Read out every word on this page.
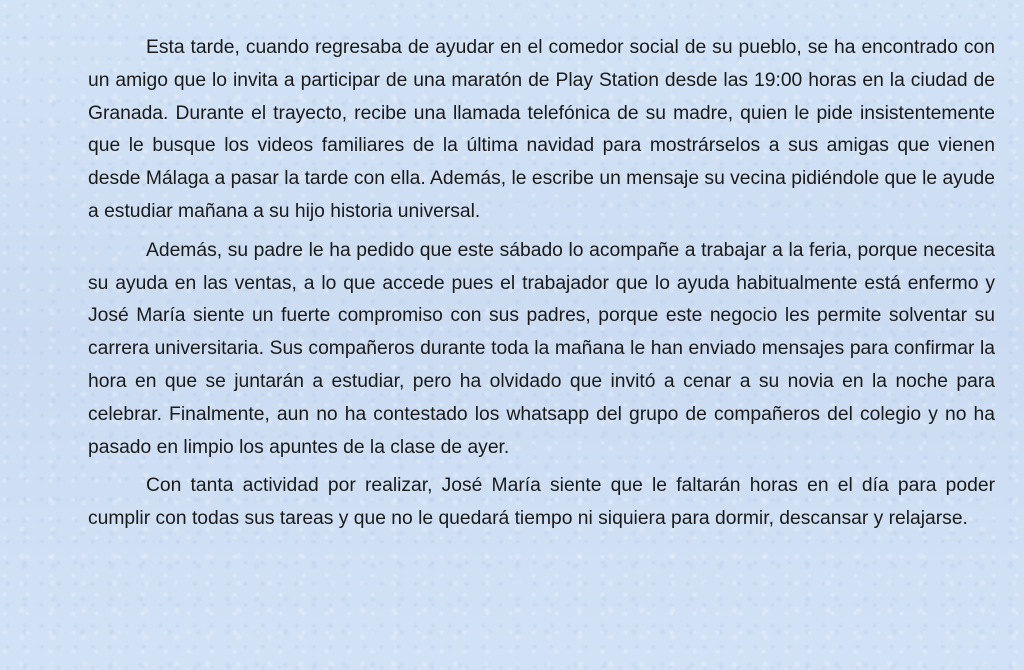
Esta tarde, cuando regresaba de ayudar en el comedor social de su pueblo, se ha encontrado con un amigo que lo invita a participar de una maratón de Play Station desde las 19:00 horas en la ciudad de Granada. Durante el trayecto, recibe una llamada telefónica de su madre, quien le pide insistentemente que le busque los videos familiares de la última navidad para mostrárselos a sus amigas que vienen desde Málaga a pasar la tarde con ella. Además, le escribe un mensaje su vecina pidiéndole que le ayude a estudiar mañana a su hijo historia universal.

Además, su padre le ha pedido que este sábado lo acompañe a trabajar a la feria, porque necesita su ayuda en las ventas, a lo que accede pues el trabajador que lo ayuda habitualmente está enfermo y José María siente un fuerte compromiso con sus padres, porque este negocio les permite solventar su carrera universitaria. Sus compañeros durante toda la mañana le han enviado mensajes para confirmar la hora en que se juntarán a estudiar, pero ha olvidado que invitó a cenar a su novia en la noche para celebrar. Finalmente, aun no ha contestado los whatsapp del grupo de compañeros del colegio y no ha pasado en limpio los apuntes de la clase de ayer.

Con tanta actividad por realizar, José María siente que le faltarán horas en el día para poder cumplir con todas sus tareas y que no le quedará tiempo ni siquiera para dormir, descansar y relajarse.
